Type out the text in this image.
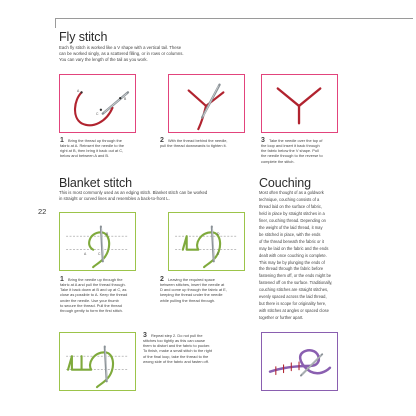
Fly stitch
Each fly stitch is worked like a V shape with a vertical tail. These
can be worked singly, as a scattered filling, or in rows or columns.
You can vary the length of the tail as you work.
A
B
C
1	Bring the thread up through the
fabric at A. Reinsert the needle to the
right at B, then bring it back out at C,
below and between A and B.
2	With the thread behind the needle,
pull the thread downwards to tighten it.
3	Take the needle over the top of
the loop and insert it back through
the fabric below the V shape. Pull
the needle through to the reverse to
complete the stitch.
Blanket stitch
This is most commonly used as an edging stitch. Blanket stitch can be worked
in straight or curved lines and resembles a back-to-front L.
22
A
B
C
D
E
1	Bring the needle up through the
fabric at A and pull the thread through.
Take it back down at B and up at C, as
close as possible to A. Keep the thread
under the needle. Use your thumb
to secure the thread. Pull the thread
through gently to form the first stitch.
2	Leaving the required space
between stitches, insert the needle at
D and come up through the fabric at E,
keeping the thread under the needle
while pulling the thread through.
3	Repeat step 2. Do not pull the
stitches too tightly as this can cause
them to distort and the fabric to pucker.
To finish, make a small stitch to the right
of the final loop, take the thread to the
wrong side of the fabric and fasten off.
Couching
Most often thought of as a goldwork
technique, couching consists of a
thread laid on the surface of fabric,
held in place by straight stitches in a
finer, couching thread. Depending on
the weight of the laid thread, it may
be stitched in place, with the ends
of the thread beneath the fabric or it
may be laid on the fabric and the ends
dealt with once couching is complete.
This may be by plunging the ends of
the thread through the fabric before
fastening them off, or the ends might be
fastened off on the surface. Traditionally,
couching stitches are straight stitches,
evenly spaced across the laid thread,
but there is scope for originality here,
with stitches at angles or spaced close
together or further apart.
